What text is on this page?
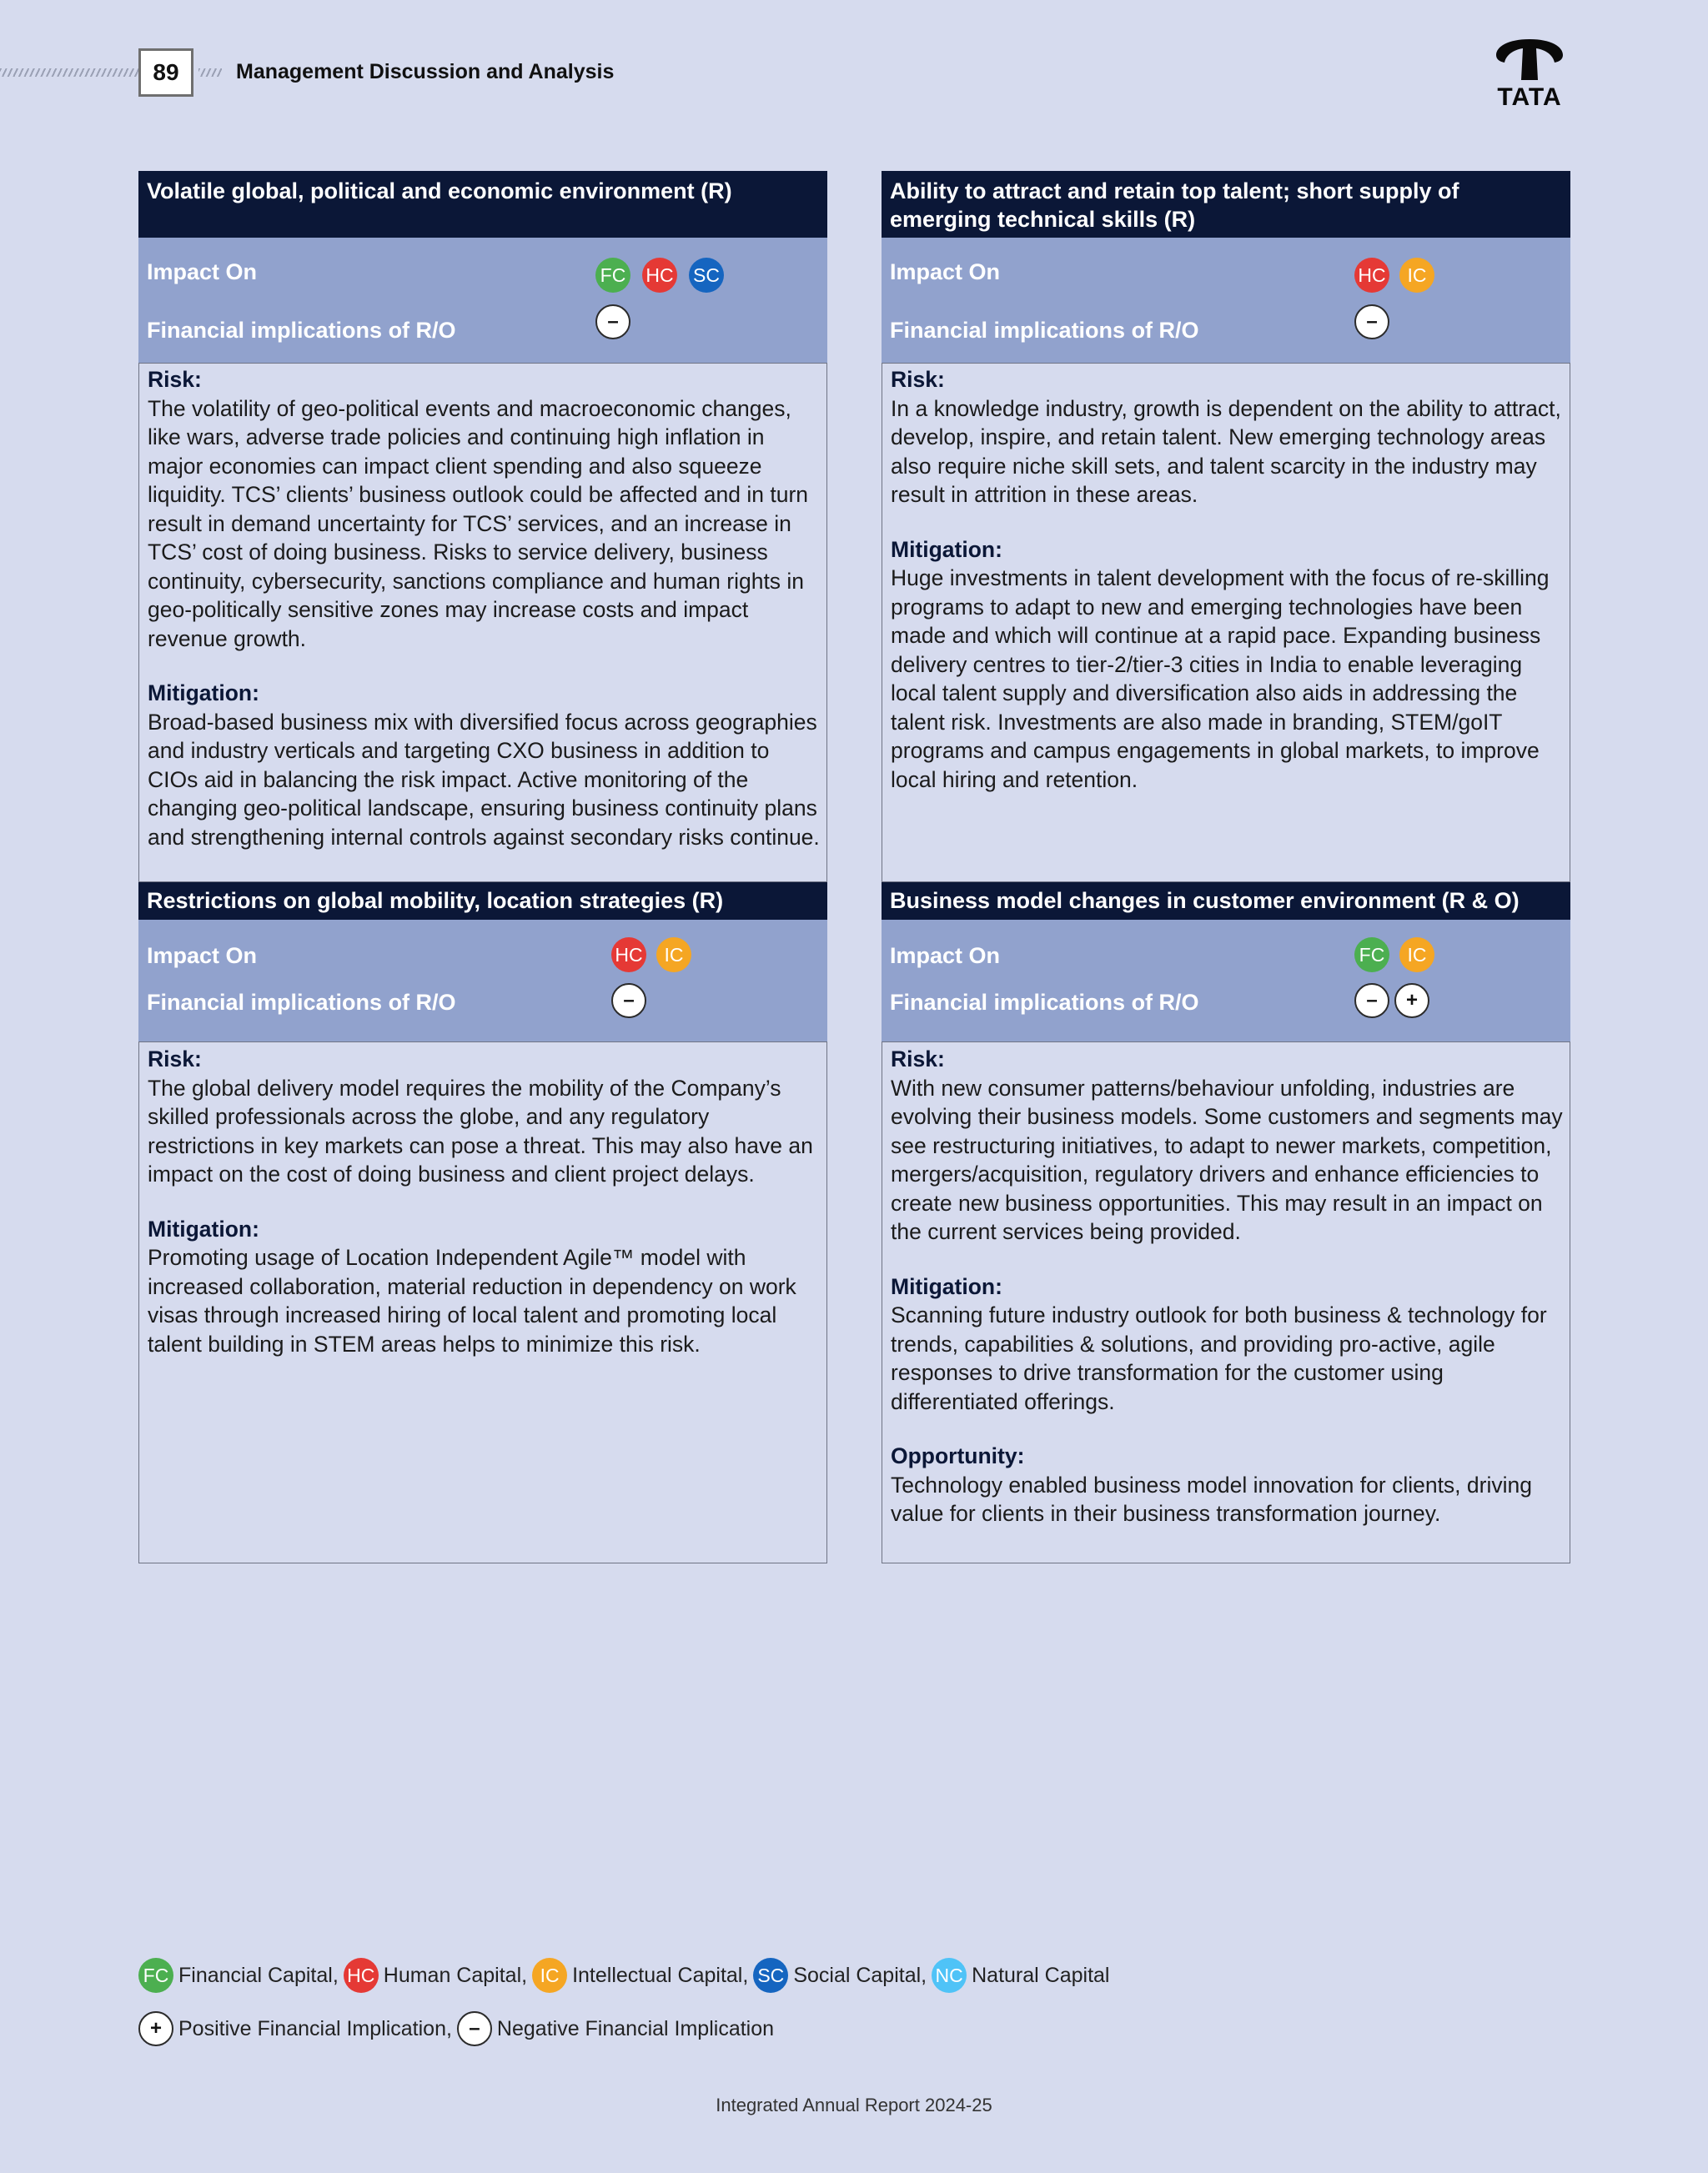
89	Management Discussion and Analysis
TATA
Volatile global, political and economic environment (R)
Impact On
Financial implications of R/O
FC HC SC
–

Risk:

The volatility of geo-political events and macroeconomic changes, like wars, adverse trade policies and continuing high inflation in major economies can impact client spending and also squeeze liquidity. TCS’ clients’ business outlook could be affected and in turn result in demand uncertainty for TCS’ services, and an increase in TCS’ cost of doing business. Risks to service delivery, business continuity, cybersecurity, sanctions compliance and human rights in geo-politically sensitive zones may increase costs and impact revenue growth.

Mitigation:

Broad-based business mix with diversified focus across geographies and industry verticals and targeting CXO business in addition to CIOs aid in balancing the risk impact. Active monitoring of the changing geo-political landscape, ensuring business continuity plans and strengthening internal controls against secondary risks continue.

Ability to attract and retain top talent; short supply of emerging technical skills (R)
Impact On
Financial implications of R/O
HC	IC
–

Risk:

In a knowledge industry, growth is dependent on the ability to attract, develop, inspire, and retain talent. New emerging technology areas also require niche skill sets, and talent scarcity in the industry may result in attrition in these areas.

Mitigation:

Huge investments in talent development with the focus of re-skilling programs to adapt to new and emerging technologies have been made and which will continue at a rapid pace. Expanding business delivery centres to tier-2/tier-3 cities in India to enable leveraging local talent supply and diversification also aids in addressing the talent risk. Investments are also made in branding, STEM/goIT programs and campus engagements in global markets, to improve local hiring and retention.

Restrictions on global mobility, location strategies (R)
Impact On
Financial implications of R/O
HC	IC
–

Risk:

The global delivery model requires the mobility of the Company’s skilled professionals across the globe, and any regulatory restrictions in key markets can pose a threat. This may also have an impact on the cost of doing business and client project delays.

Mitigation:

Promoting usage of Location Independent Agile™ model with increased collaboration, material reduction in dependency on work visas through increased hiring of local talent and promoting local talent building in STEM areas helps to minimize this risk.

Business model changes in customer environment (R & O)
Impact On
Financial implications of R/O
FC	IC
–	+

Risk:

With new consumer patterns/behaviour unfolding, industries are evolving their business models. Some customers and segments may see restructuring initiatives, to adapt to newer markets, competition, mergers/acquisition, regulatory drivers and enhance efficiencies to create new business opportunities. This may result in an impact on the current services being provided.

Mitigation:

Scanning future industry outlook for both business & technology for trends, capabilities & solutions, and providing pro-active, agile responses to drive transformation for the customer using differentiated offerings.

Opportunity:

Technology enabled business model innovation for clients, driving value for clients in their business transformation journey.

FC Financial Capital, HC Human Capital, IC Intellectual Capital, SC Social Capital, NC Natural Capital
+ Positive Financial Implication, – Negative Financial Implication
Integrated Annual Report 2024-25
